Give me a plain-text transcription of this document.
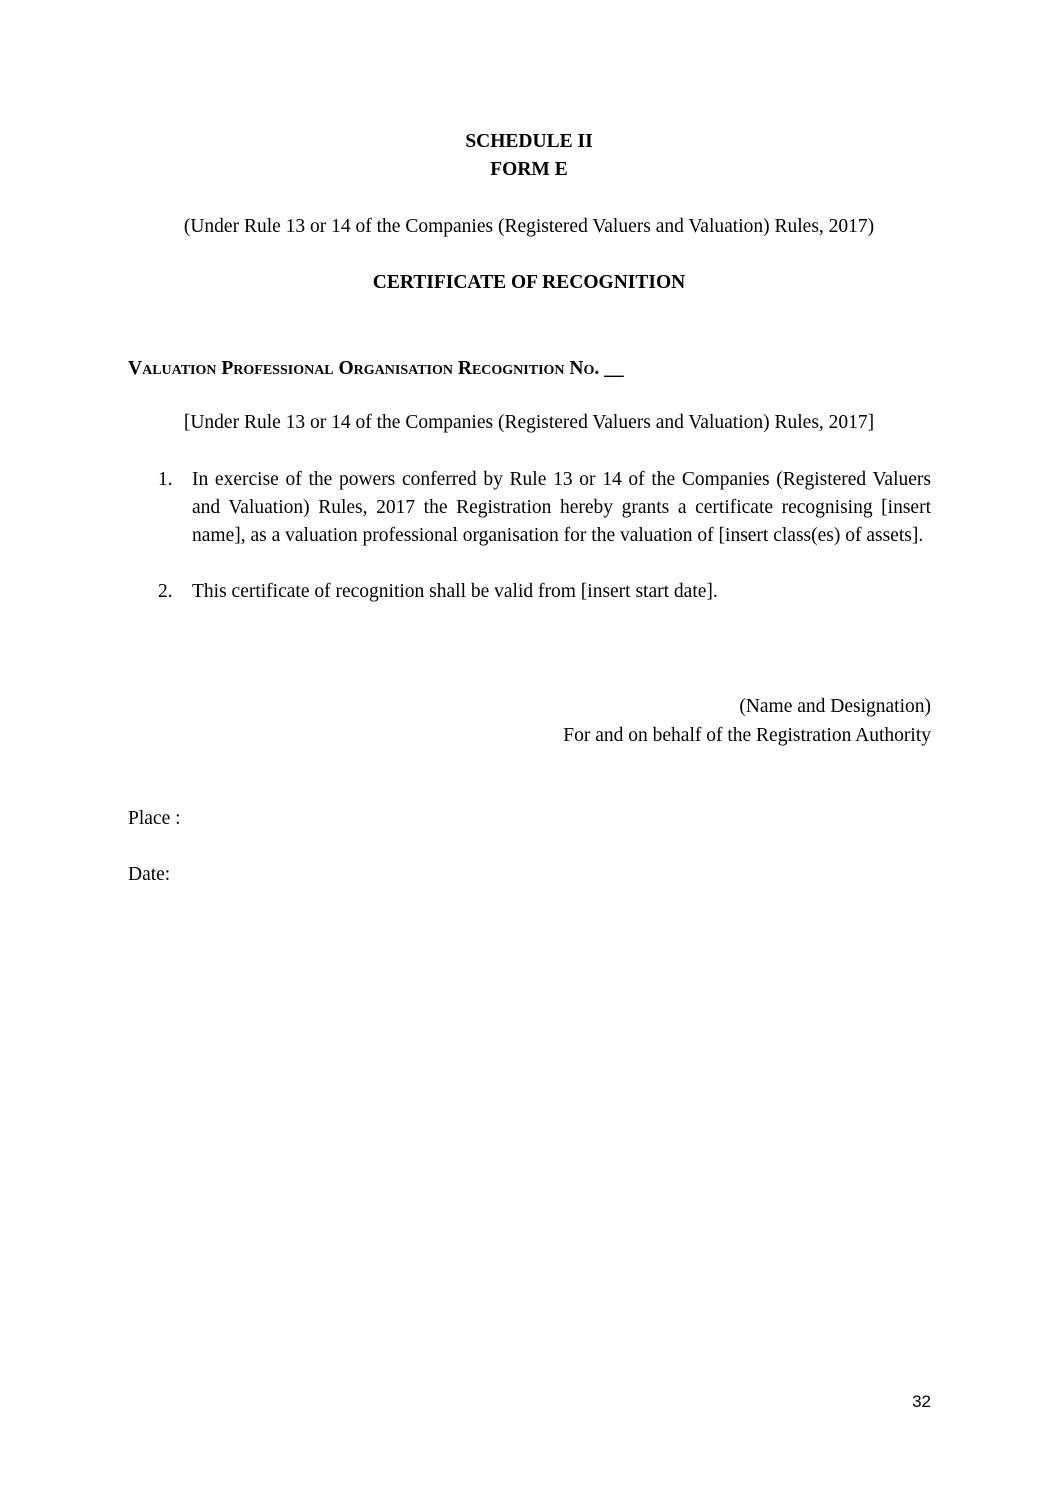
SCHEDULE II
FORM E
(Under Rule 13 or 14 of the Companies (Registered Valuers and Valuation) Rules, 2017)
CERTIFICATE OF RECOGNITION
Valuation Professional Organisation Recognition No. __
[Under Rule 13 or 14 of the Companies (Registered Valuers and Valuation) Rules, 2017]
1. In exercise of the powers conferred by Rule 13 or 14 of the Companies (Registered Valuers and Valuation) Rules, 2017 the Registration hereby grants a certificate recognising [insert name], as a valuation professional organisation for the valuation of [insert class(es) of assets].
2. This certificate of recognition shall be valid from [insert start date].
(Name and Designation)
For and on behalf of the Registration Authority
Place :
Date:
32
